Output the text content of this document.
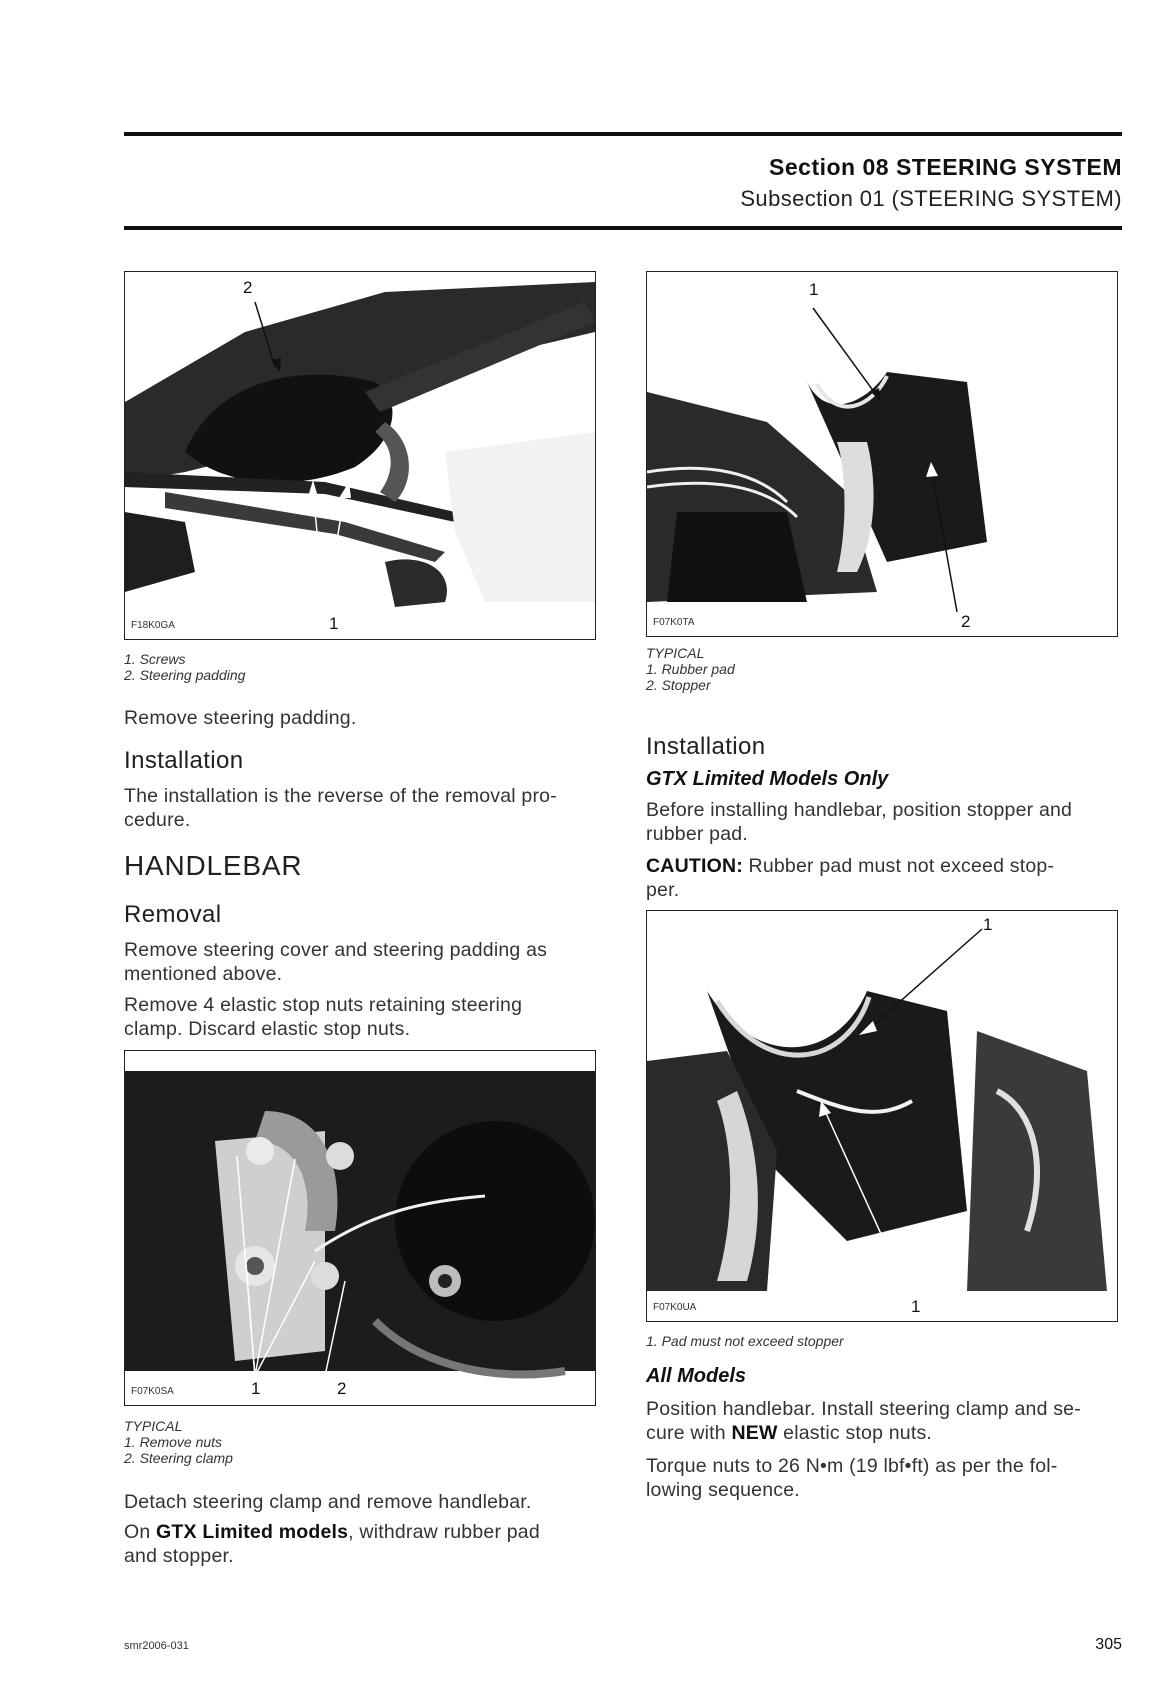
Section 08 STEERING SYSTEM
Subsection 01 (STEERING SYSTEM)
2
1
F18K0GA
1. Screws
2. Steering padding
Remove steering padding.
Installation
The installation is the reverse of the removal pro-
cedure.
HANDLEBAR
Removal
Remove steering cover and steering padding as
mentioned above.
Remove 4 elastic stop nuts retaining steering
clamp. Discard elastic stop nuts.
1	2
F07K0SA
TYPICAL
1. Remove nuts
2. Steering clamp
Detach steering clamp and remove handlebar.
On GTX Limited models, withdraw rubber pad
and stopper.
1
2
F07K0TA
TYPICAL
1. Rubber pad
2. Stopper
Installation
GTX Limited Models Only
Before installing handlebar, position stopper and
rubber pad.
CAUTION: Rubber pad must not exceed stop-
per.
1
1
F07K0UA
1. Pad must not exceed stopper
All Models
Position handlebar. Install steering clamp and se-
cure with NEW elastic stop nuts.
Torque nuts to 26 N•m (19 lbf•ft) as per the fol-
lowing sequence.
smr2006-031	305
